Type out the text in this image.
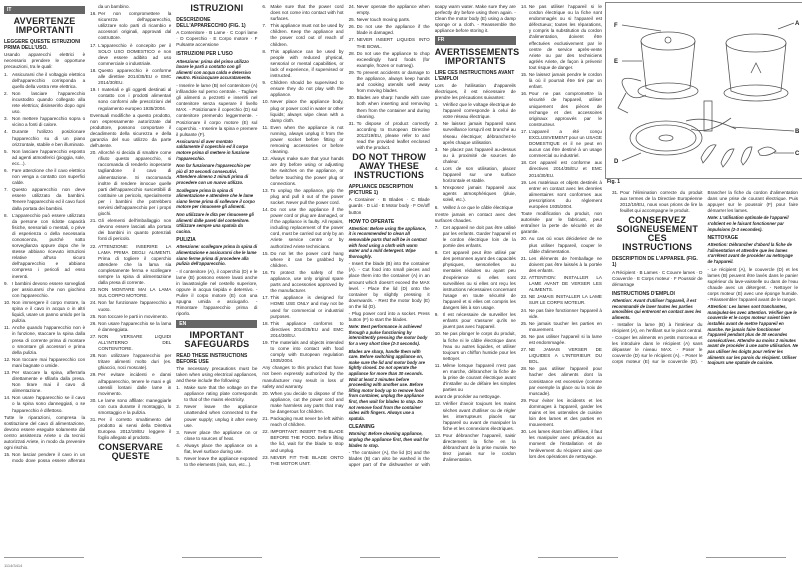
IT
AVVERTENZE IMPORTANTI
LEGGERE QUESTE ISTRUZIONI PRIMA DELL'USO.
Usando apparecchi elettrici è necessario prendere le opportune precauzioni, tra le quali:
1. Assicurarsi che il voltaggio elettrico dell'apparecchio corrisponda a quello della vostra rete elettrica.
2. Non lasciare l'apparecchio incustodito quando collegato alla rete elettrica; disinserirlo dopo ogni uso.
3. Non mettere l'apparecchio sopra o vicino a fonti di calore.
4. Durante l'utilizzo posizionare l'apparecchio su di un piano orizzontale, stabile e ben illuminato.
5. Non lasciare l'apparecchio esposto ad agenti atmosferici (pioggia, sole, ecc...).
6. Fare attenzione che il cavo elettrico non venga a contatto con superfici calde.
7. Questo apparecchio non deve essere utilizzato da bambini. Tenere l'apparecchio ed il cavo fuori dalla portata dei bambini.
8. L'apparecchio può essere utilizzato da persone con ridotte capacità fisiche, sensoriali o mentali, o prive di esperienza o della necessaria conoscenza, purché sotto sorveglianza oppure dopo che le stesse abbiano ricevuto istruzioni relative all'uso sicuro dell'apparecchio e abbiano compreso i pericoli ad esso inerenti.
9. I bambini devono essere sorvegliati per assicurarsi che non giochino con l'apparecchio.
10. Non immergere il corpo motore, la spina e il cavo in acqua o in altri liquidi, usare un panno umido per la pulizia.
11. Anche quando l'apparecchio non è in funzione, staccare la spina dalla presa di corrente prima di montare o smontare gli accessori e prima della pulizia.
12. Non toccare mai l'apparecchio con mani bagnate o umide.
13. Per staccare la spina, afferrarla direttamente e sfilarla dalla presa. Non tirare mai il cavo di alimentazione.
14. Non usare l'apparecchio se il cavo o la spina sono danneggiati, o se l'apparecchio è difettoso.
Tutte le riparazioni, compresa la sostituzione del cavo di alimentazione, devono essere eseguite solamente dal centro assistenza Ariete o da tecnici autorizzati Ariete, in modo da prevenire ogni rischio.
15. Non lasciar pendere il cavo in un modo dove possa essere afferrato da un bambino.
16. Per non compromettere la sicurezza dell'apparecchio, utilizzare solo parti di ricambio e accessori originali, approvati dal costruttore.
17. L'apparecchio è concepito per il SOLO USO DOMESTICO e non deve essere adibito ad uso commerciale o industriale.
18. Questo apparecchio è conforme alle direttive 2014/35/EU e EMC 2014/30/EU.
19. I materiali e gli oggetti destinati al contatto con i prodotti alimentari sono conformi alle prescrizioni del regolamento europeo 1935/2004.
Eventuali modifiche a questo prodotto, non espressamente autorizzate dal produttore, possono comportare il decadimento della sicurezza e della garanzia del suo utilizzo da parte dell'utente.
20. Allorché si decida di smaltire come rifiuto questo apparecchio, si raccomanda di renderlo inoperante tagliandone il cavo di alimentazione. Si raccomanda inoltre di rendere innocue quelle parti dell'apparecchio suscettibili di costituire un pericolo, specialmente per i bambini che potrebbero servirsi dell'apparecchio per i propri giochi.
21. Gli elementi dell'imballaggio non devono essere lasciati alla portata dei bambini in quanto potenziali fonti di pericolo.
22. ATTENZIONE: INSERIRE LA LAMA PRIMA DEGLI ALIMENTI. Prima di togliere il coperchio attendere che la lama sia completamente ferma e scollegare sempre la spina di alimentazione dalla presa di corrente.
23. NON MONTARE MAI LA LAMA SUL CORPO MOTORE.
24. Non far funzionare l'apparecchio a vuoto.
25. Non toccare le parti in movimento.
26. Non usare l'apparecchio se la lama è danneggiata.
27. NON VERSARE LIQUIDI ALL'INTERNO DEL CONTENITORE.
28. Non utilizzare l'apparecchio per tritare alimenti molto duri (es. ghiaccio, noci moscate).
29. Per evitare incidenti e danni all'apparecchio, tenere le mani e gli utensili lontani dalle lame in movimento.
30. Le lame sono affilate: maneggiarle con cura durante il montaggio, lo smontaggio e la pulizia.
31. Per il corretto smaltimento del prodotto ai sensi della Direttiva Europea 2012/19/EU leggere il foglio allegato al prodotto.
CONSERVARE QUESTE ISTRUZIONI
DESCRIZIONE DELL'APPARECCHIO (FIG. 1)
A Contenitore · B Lame · C Copri lame · D Coperchio · E Corpo motore · F Pulsante accensione
ISTRUZIONI PER L'USO
Attenzione: prima del primo utilizzo lavare le parti a contatto con gli alimenti con acqua calda e detersivo neutro. Risciacquare accuratamente.
- Inserire le lame (B) nel contenitore (A) infilandole sul perno centrale. - Tagliare gli alimenti a pezzetti e inserirli nel contenitore senza superare il livello MAX. - Posizionare il coperchio (D) sul contenitore premendo leggermente. - Posizionare il corpo motore (E) sul coperchio. - Inserire la spina e premere il pulsante (F).
Assicurarsi di aver montato saldamente il coperchio ed il corpo motore prima di mettere in funzione l'apparecchio.
Non far funzionare l'apparecchio per più di 30 secondi consecutivi. Attendere almeno 2 minuti prima di procedere con un nuovo utilizzo.
Scollegare prima la spina di alimentazione e attendere che le lame siano ferme prima di sollevare il corpo motore per rimuovere gli alimenti.
Non utilizzare le dita per rimuovere gli alimenti dalle pareti del contenitore. Utilizzare sempre una spatola da cucina.
PULIZIA
Attenzione: scollegare prima la spina di alimentazione e assicurarsi che le lame siano ferme prima di procedere alla pulizia dell'apparecchio.
- Il contenitore (A), il coperchio (D) e le lame (B) possono essere lavati anche in lavastoviglie nel cestello superiore, oppure in acqua tiepida e detersivo. - Pulire il corpo motore (E) con una spugna umida e asciugarlo. - Rimontare l'apparecchio prima di riporlo.
EN
IMPORTANT SAFEGUARDS
READ THESE INSTRUCTIONS BEFORE USE
The necessary precautions must be taken when using electrical appliances, and these include the following:
1. Make sure that the voltage on the appliance rating plate corresponds to that of the mains electricity.
2. Never leave the appliance unattended when connected to the power supply; unplug it after every use.
3. Never place the appliance on or close to sources of heat.
4. Always place the appliance on a flat, level surface during use.
5. Never leave the appliance exposed to the elements (rain, sun, etc...).
6. Make sure that the power cord does not come into contact with hot surfaces.
7. This appliance must not be used by children. Keep the appliance and the power cord out of reach of children.
8. This appliance can be used by people with reduced physical, sensorial or mental capabilities, or lack of experience, if supervised or instructed.
9. Children should be supervised to ensure they do not play with the appliance.
10. Never place the appliance body, plug or power cord in water or other liquids; always wipe clean with a damp cloth.
11. Even when the appliance is not running, always unplug it from the power socket before fitting or removing accessories or before cleaning.
12. Always make sure that your hands are dry before using or adjusting the switches on the appliance, or before touching the power plug or connections.
13. To unplug the appliance, grip the plug and pull it out of the power socket. Never pull the power cord.
14. Do not use the appliance if the power cord or plug are damaged, or if the appliance is faulty. All repairs, including replacement of the power cord, must be carried out only by an Ariete service centre or by authorized Ariete technicians.
15. Do not let the power cord hang where it can be grabbed by children.
16. To protect the safety of the appliance, use only original spare parts and accessories approved by the manufacturer.
17. This appliance is designed for HOME USE ONLY and may not be used for commercial or industrial purposes.
18. This appliance conforms to directives 2014/35/EU and EMC 2014/30/EU.
19. The materials and objects intended to come into contact with food comply with European regulation 1935/2004.
Any changes to this product that have not been expressly authorized by the manufacturer may result in loss of safety and warranty.
20. When you decide to dispose of the appliance, cut the power cord and make harmless any parts that may be dangerous for children.
21. Packaging must never be left within reach of children.
22. IMPORTANT: INSERT THE BLADE BEFORE THE FOOD. Before lifting the lid, wait for the blade to stop and unplug.
23. NEVER FIT THE BLADE ONTO THE MOTOR UNIT.
24. Never operate the appliance when empty.
25. Never touch moving parts.
26. Do not use the appliance if the blade is damaged.
27. NEVER INSERT LIQUIDS INTO THE BOWL.
28. Do not use the appliance to chop exceedingly hard foods (for example, frozen or nutmeg).
29. To prevent accidents or damage to the appliance, always keep hands and cooking utensils well away from moving blades.
30. Blades are sharp: handle with care both when inserting and removing them from the container and during cleaning.
31. To dispose of product correctly according to European Directive 2012/19/EU, please refer to and read the provided leaflet enclosed with the product.
DO NOT THROW AWAY THESE INSTRUCTIONS
APPLIANCE DESCRIPTION (PICTURE 1)
A Container · B Blades · C Blade guards · D Lid · E Motor body · F On/off button
HOW TO OPERATE
Attention: Before using the appliance, it is recommended to clean all removable parts that will be in contact with food using a cloth with warm water and a mild detergent. Wipe thoroughly.
- Insert the blade (B) into the container (A). - Cut food into small pieces and place them into the container (A) in an amount which doesn't exceed the MAX level. - Place the lid (D) onto the container by slightly pressing it downwards. - Rest the motor body (E) on the lid (D).
- Plug power cord into a socket. Press button (F) to start the blades.
Note: Best performance is achieved through a pulse functioning by intermittently pressing the motor body for a very short time (2-3 seconds).
Blades are sharp, handle them with care. Before switching appliance on, make sure the lid and motor body are tightly closed. Do not operate the appliance for more than 30 seconds. Wait at least 2 minutes before proceeding with another use. Before lifting motor body up to remove food from container, unplug the appliance first, then wait for blades to stop. Do not remove food from the container sides with fingers. Always use a spatula.
CLEANING
Warning: Before cleaning appliance, unplug the appliance first, then wait for blades to stop.
- The container (A), the lid (D) and the blades (B) can also be washed in the upper part of the dishwasher or with soapy warm water. Make sure they are perfectly dry before using them again. - Clean the motor body (E) using a damp sponge or a cloth. - Reassemble the appliance before storing it.
FR
AVERTISSEMENTS IMPORTANTS
LIRE CES INSTRUCTIONS AVANT L'EMPLOI
Lors de l'utilisation d'appareils électriques, il est nécessaire de prendre les précautions suivantes:
1. Vérifiez que le voltage électrique de l'appareil corresponde à celui de votre réseau électrique.
2. Ne laissez jamais l'appareil sans surveillance lorsqu'il est branché au réseau électrique; débranchez-le après chaque utilisation.
3. Ne placez pas l'appareil au-dessus ou à proximité de sources de chaleur.
4. Lors de son utilisation, placez l'appareil sur une surface horizontale et stable.
5. N'exposez jamais l'appareil aux agents atmosphériques (pluie, soleil, etc.).
6. Veillez à ce que le câble électrique
n'entre jamais en contact avec des surfaces chaudes.
7. Cet appareil ne doit pas être utilisé par les enfants. Garder l'appareil et le cordon électrique loin de la portée des enfants.
8. Cet appareil peut être utilisé par des personnes ayant des capacités physiques, sensorielles ou mentales réduites ou ayant peu d'expérience si elles sont surveillées ou si elles ont reçu les instructions nécessaires concernant l'usage en toute sécurité de l'appareil et si elles ont compris les dangers liés à son usage.
9. Il est nécessaire de surveiller les enfants pour s'assurer qu'ils ne jouent pas avec l'appareil.
10. Ne pas plonger le corps du produit, la fiche ni le câble électrique dans l'eau ou autres liquides, et utiliser toujours un chiffon humide pour les nettoyer.
11. Même lorsque l'appareil n'est pas en marche, débrancher la fiche de la prise de courant électrique avant d'installer ou de défaire les simples parties ou
avant de procéder au nettoyage.
12. Vérifier d'avoir toujours les mains sèches avant d'utiliser ou de régler les interrupteurs placés sur l'appareil ou avant de manipuler la fiche et les connexions électriques.
13. Pour débrancher l'appareil, saisir directement la fiche en la débranchant de la prise murale. Ne tirez jamais sur le cordon d'alimentation.
14. Ne pas utiliser l'appareil si le cordon électrique ou la fiche sont endommagés ou si l'appareil est défectueux; toutes les réparations, y compris la substitution du cordon d'alimentation, doivent être effectuées exclusivement par le centre de service après-vente Ariete ou par des techniciens agréés Ariete, de façon à prévenir tout risque de danger.
15. Ne laissez jamais pendre le cordon là où il pourrait être tiré par un enfant.
16. Pour ne pas compromettre la sécurité de l'appareil, utiliser uniquement des pièces de rechange et des accessoires originaux approuvés par le constructeur.
17. L'appareil a été conçu EXCLUSIVEMENT pour un USAGE DOMESTIQUE et il ne peut en aucun cas être destiné à un usage commercial ou industriel.
18. Cet appareil est conforme aux directives 2014/35/EU et EMC 2014/30/EU.
19. Les matériaux et objets destinés à entrer en contact avec les denrées alimentaires sont conformes aux prescriptions du règlement européen 1935/2004.
Toute modification du produit, non autorisée par le fabricant, peut entraîner la perte de sécurité et de garantie.
20. Au cas où vous décideriez de ne plus utiliser l'appareil, couper le câble d'alimentation.
21. Les éléments de l'emballage ne doivent pas être laissés à la portée des enfants.
22. ATTENTION: INSTALLER LA LAME AVANT DE VERSER LES ALIMENTS.
23. NE JAMAIS INSTALLER LA LAME SUR LE CORPS MOTEUR.
24. Ne pas faire fonctionner l'appareil à vide.
25. Ne jamais toucher les parties en mouvement.
26. Ne pas utiliser l'appareil si la lame est endommagée.
27. NE JAMAIS VERSER DE LIQUIDES A L'INTERIEUR DU BOL.
28. Ne pas utiliser l'appareil pour hacher des aliments dont la consistance est excessive (comme par exemple la glace ou la noix de muscade).
29. Pour éviter les incidents et les dommages à l'appareil, garder les mains et les ustensiles de cuisine loin des lames et des parties en mouvement.
30. Les lames étant bien affilées, il faut les manipuler avec précaution au moment de l'installation et de l'enlèvement du récipient ainsi que lors des opérations de nettoyage.
31. Pour l'élimination correcte du produit aux termes de la Directive Européenne 2012/19/EU, nous vous prions de lire la feuillet qui accompagne le produit.
CONSERVEZ SOIGNEUSEMENT CES INSTRUCTIONS
DESCRIPTION DE L'APPAREIL (FIG. 1)
A Récipient · B Lames · C Couvre lames · D Couvercle · E Corps moteur · F Poussoir de démarrage
INSTRUCTIONS D'EMPLOI
Attention: Avant d'utiliser l'appareil, il est recommandé de laver toutes les parties amovibles qui entreront en contact avec les aliments.
- Installer la lame (B) à l'intérieur du récipient (A), en l'enfilant sur le pivot central. - Couper les aliments en petits morceaux et les introduire dans le récipient (A) sans dépasser le niveau MAX. - Poser le couvercle (D) sur le récipient (A). - Poser le corps moteur (E) sur le couvercle (D). - Brancher la fiche du cordon d'alimentation dans une prise de courant électrique. Puis appuyer sur le poussoir (F) pour faire démarrer les lames.
Note: L'utilisation optimale de l'appareil s'obtient en le faisant fonctionner par impulsions (2-3 secondes).
NETTOYAGE
Attention: Débrancher d'abord la fiche de l'alimentation et attendre que les lames s'arrêtent avant de procéder au nettoyage de l'appareil.
- Le récipient (A), le couvercle (D) et les lames (B) peuvent être lavés dans le panier supérieur du lave-vaisselle ou dans de l'eau chaude avec un détergent. - Nettoyer le corps moteur (E) avec une éponge humide. - Réassembler l'appareil avant de le ranger.
Attention: Les lames sont tranchantes, manipulez-les avec attention. Vérifier que le couvercle et le corps moteur soient bien installés avant de mettre l'appareil en marche. Ne jamais faire fonctionner l'appareil pendant plus de 30 secondes consécutives. Attendre au moins 2 minutes avant de procéder à une autre utilisation. Ne pas utiliser les doigts pour retirer les aliments sur les parois du récipient. Utiliser toujours une spatule de cuisine.
F
E
A
B
C
D
Fig. 1
1114/3414
